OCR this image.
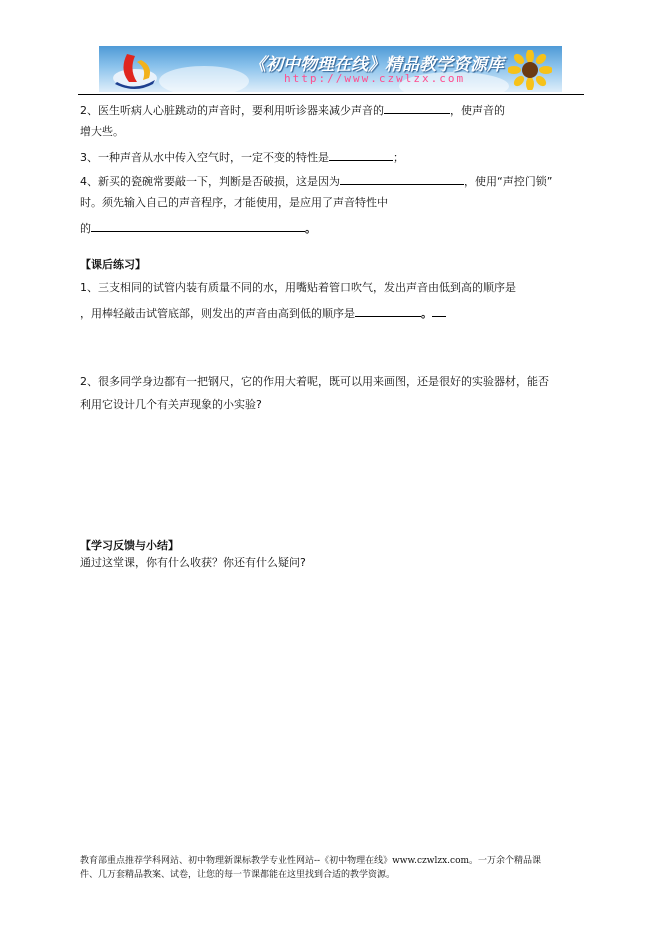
《初中物理在线》精品教学资源库
http://www.czwlzx.com
2、医生听病人心脏跳动的声音时，要利用听诊器来减少声音的	，使声音的
增大些。
3、一种声音从水中传入空气时，一定不变的特性是	；
4、新买的瓷碗常要敲一下，判断是否破损，这是因为	，使用“声控门锁”
时。须先输入自己的声音程序，才能使用，是应用了声音特性中
的	。
【课后练习】
1、三支相同的试管内装有质量不同的水，用嘴贴着管口吹气，发出声音由低到高的顺序是
，用棒轻敲击试管底部，则发出的声音由高到低的顺序是	。
2、很多同学身边都有一把钢尺，它的作用大着呢，既可以用来画图，还是很好的实验器材，能否
利用它设计几个有关声现象的小实验?
【学习反馈与小结】
通过这堂课，你有什么收获？你还有什么疑问?
教育部重点推荐学科网站、初中物理新课标教学专业性网站--《初中物理在线》www.czwlzx.com。一万余个精品课
件、几万套精品教案、试卷，让您的每一节课都能在这里找到合适的教学资源。
